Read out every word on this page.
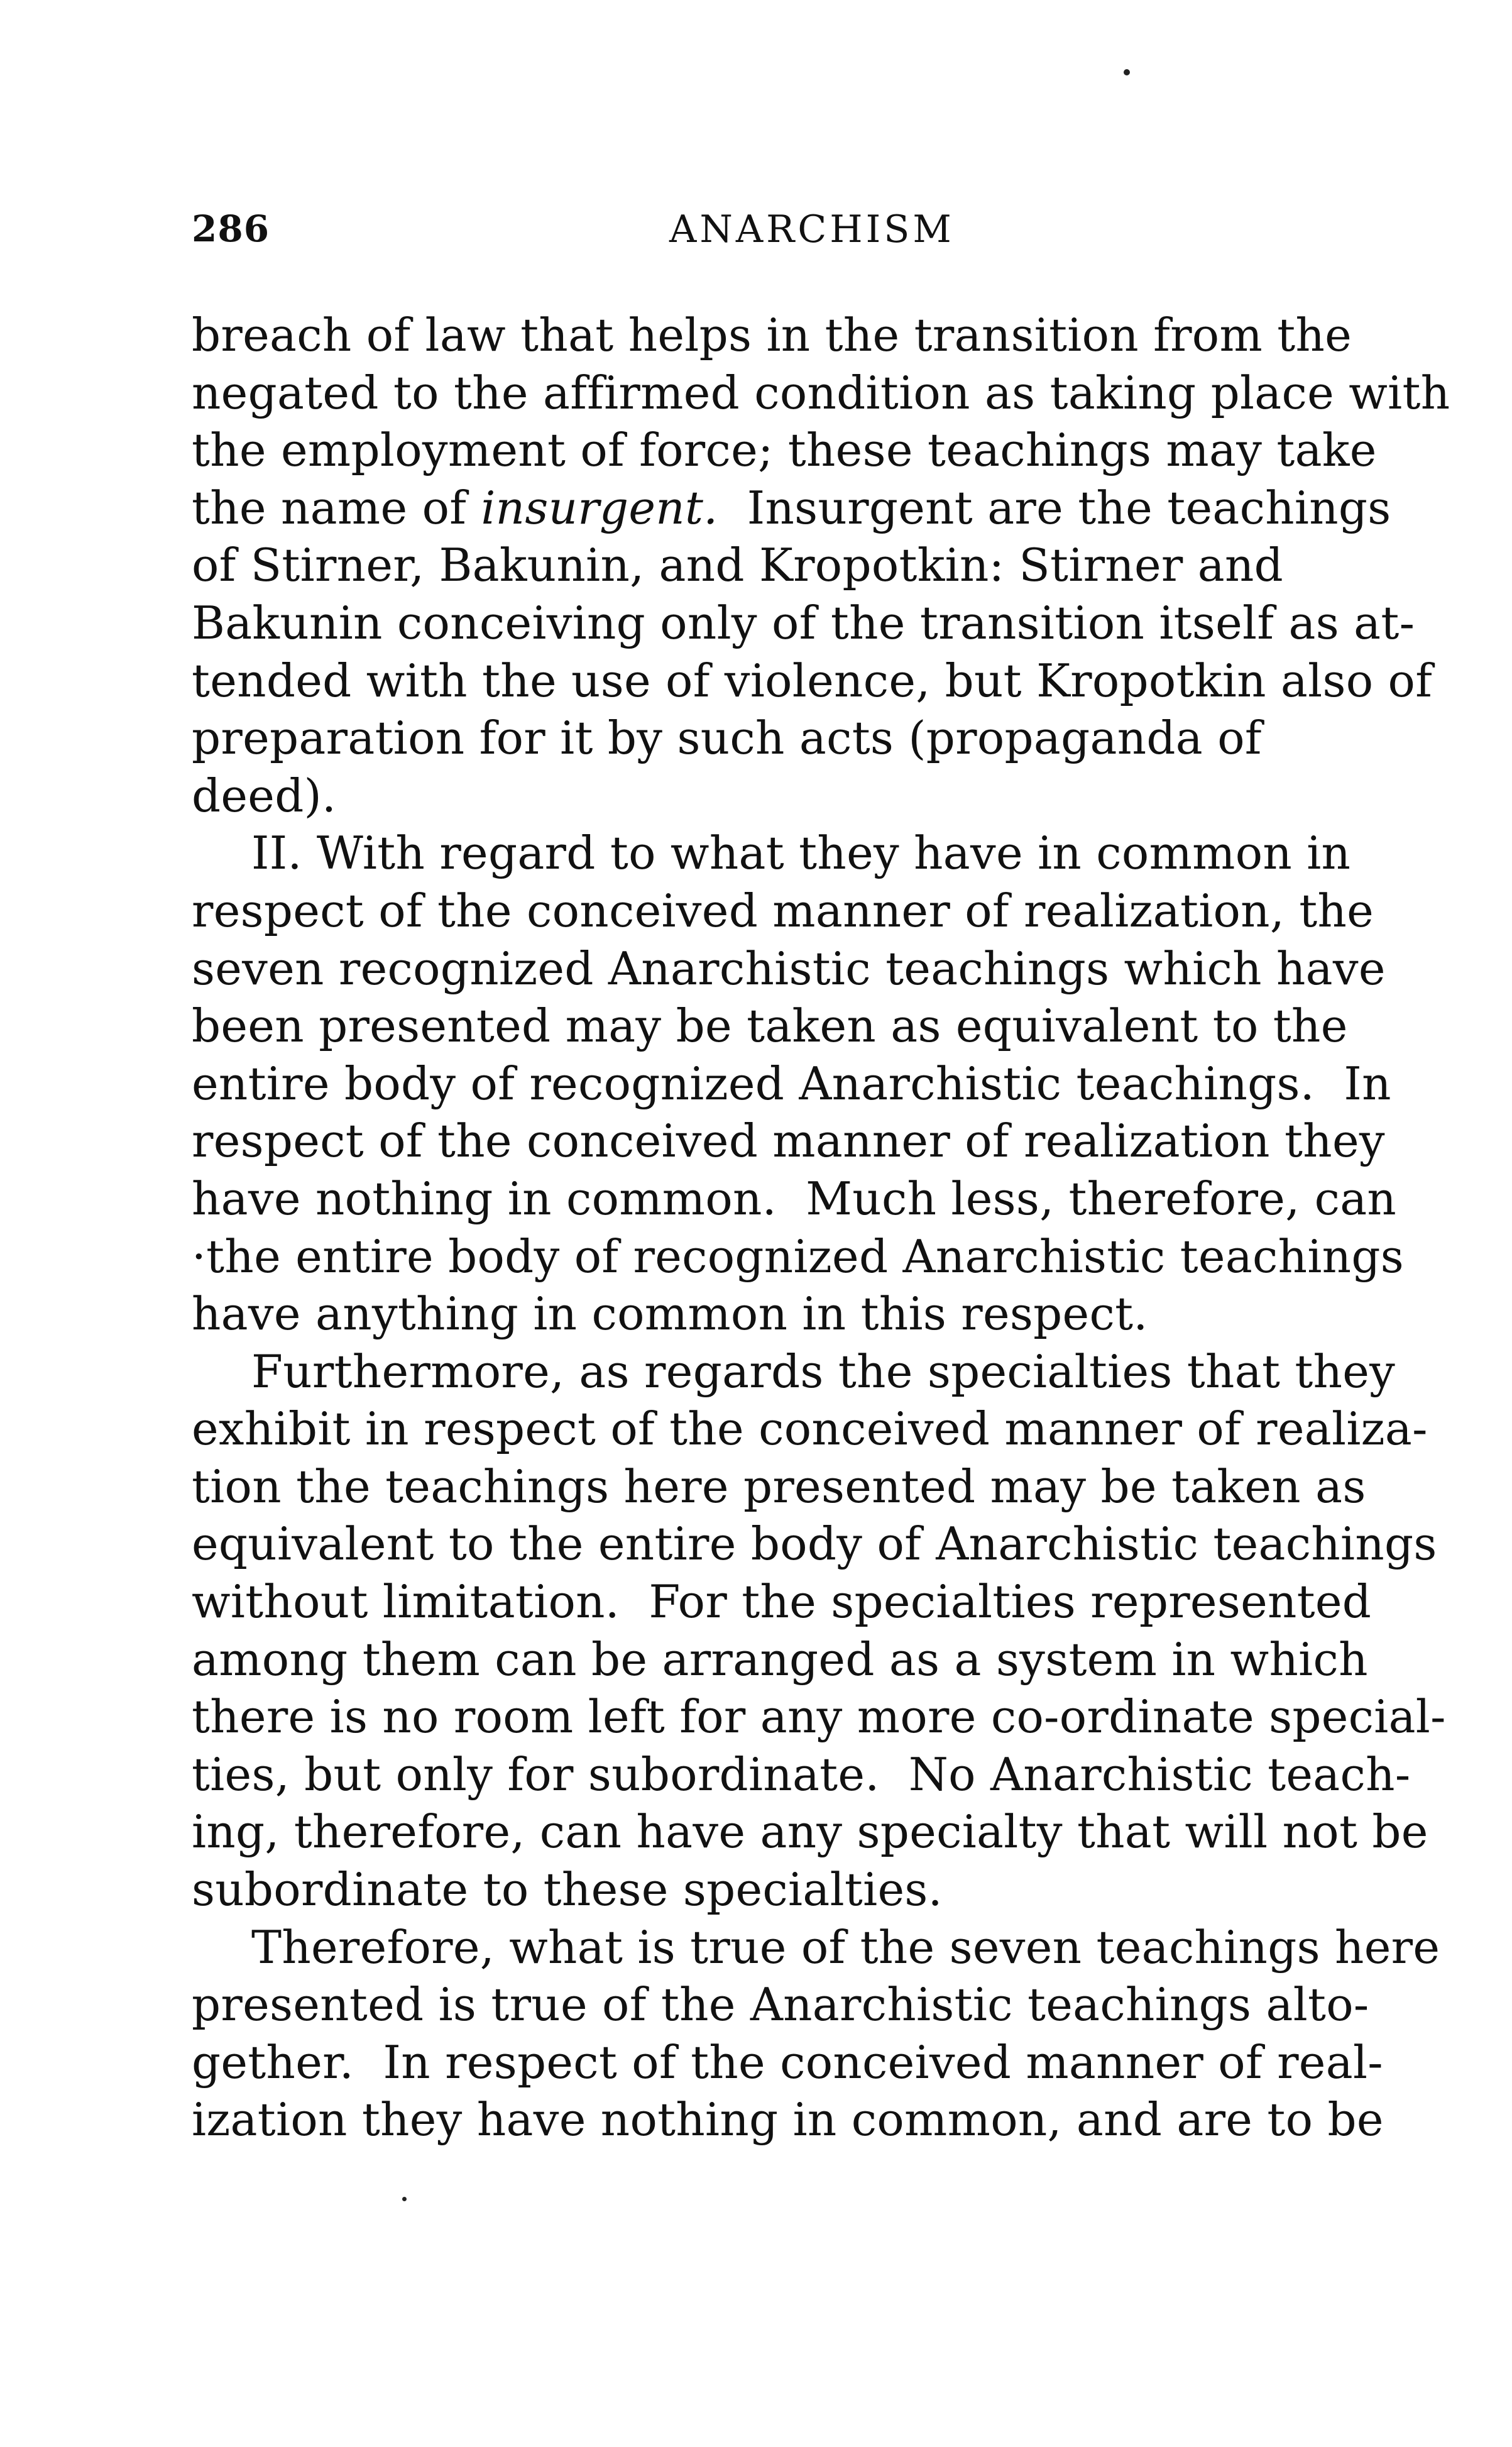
286	ANARCHISM
breach of law that helps in the transition from the
negated to the affirmed condition as taking place with
the employment of force; these teachings may take
the name of insurgent.  Insurgent are the teachings
of Stirner, Bakunin, and Kropotkin: Stirner and
Bakunin conceiving only of the transition itself as at-
tended with the use of violence, but Kropotkin also of
preparation for it by such acts (propaganda of
deed).
II. With regard to what they have in common in
respect of the conceived manner of realization, the
seven recognized Anarchistic teachings which have
been presented may be taken as equivalent to the
entire body of recognized Anarchistic teachings.  In
respect of the conceived manner of realization they
have nothing in common.  Much less, therefore, can
·the entire body of recognized Anarchistic teachings
have anything in common in this respect.
Furthermore, as regards the specialties that they
exhibit in respect of the conceived manner of realiza-
tion the teachings here presented may be taken as
equivalent to the entire body of Anarchistic teachings
without limitation.  For the specialties represented
among them can be arranged as a system in which
there is no room left for any more co-ordinate special-
ties, but only for subordinate.  No Anarchistic teach-
ing, therefore, can have any specialty that will not be
subordinate to these specialties.
Therefore, what is true of the seven teachings here
presented is true of the Anarchistic teachings alto-
gether.  In respect of the conceived manner of real-
ization they have nothing in common, and are to be
